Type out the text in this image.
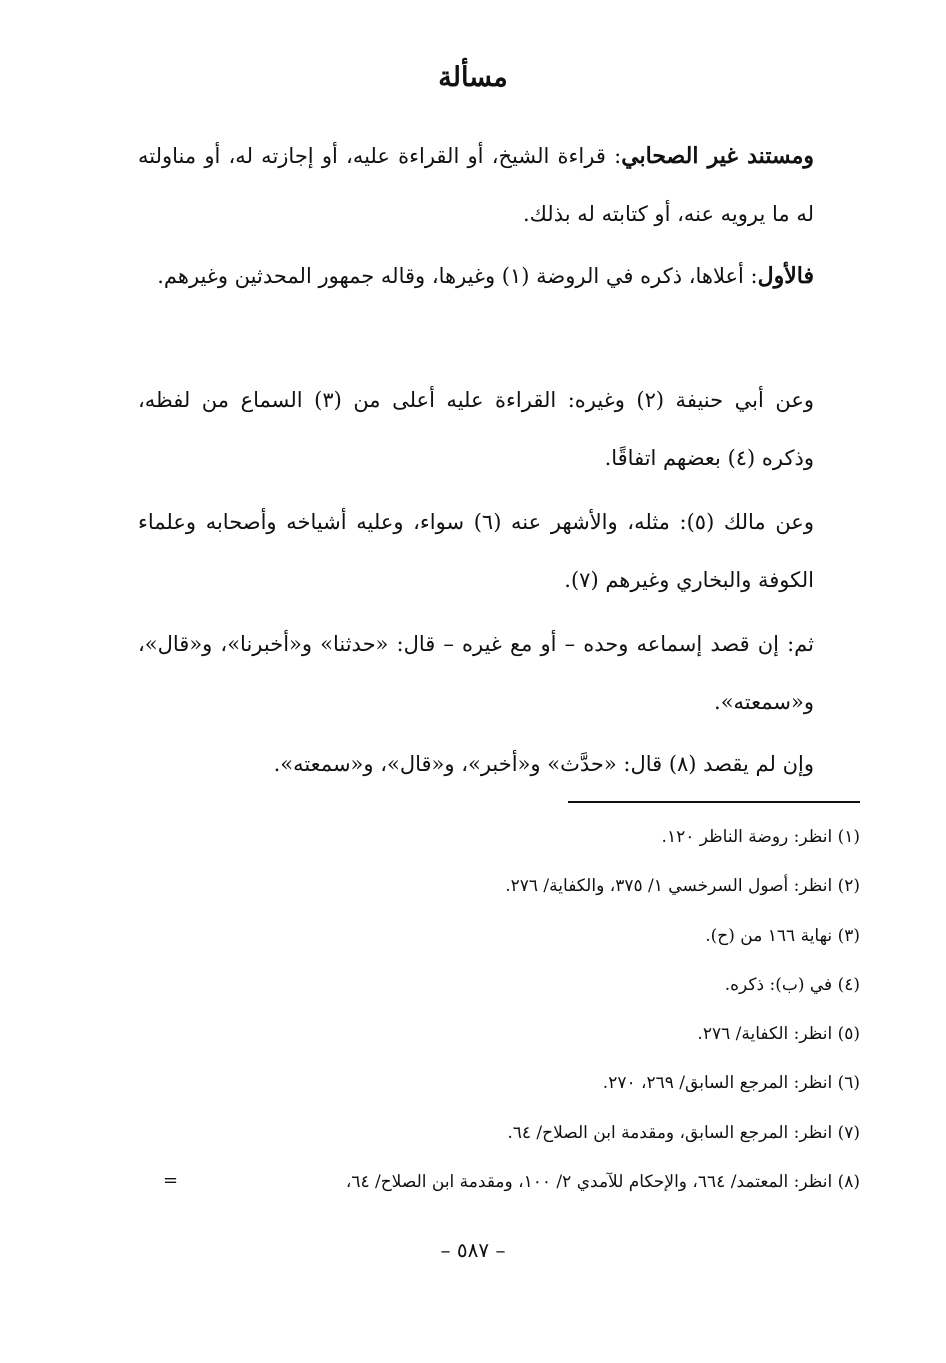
مسألة
ومستند غير الصحابي: قراءة الشيخ، أو القراءة عليه، أو إجازته له، أو مناولته له ما يرويه عنه، أو كتابته له بذلك.
فالأول: أعلاها، ذكره في الروضة (١) وغيرها، وقاله جمهور المحدثين وغيرهم.
وعن أبي حنيفة (٢) وغيره: القراءة عليه أعلى من (٣) السماع من لفظه، وذكره (٤) بعضهم اتفاقًا.
وعن مالك (٥): مثله، والأشهر عنه (٦) سواء، وعليه أشياخه وأصحابه وعلماء الكوفة والبخاري وغيرهم (٧).
ثم: إن قصد إسماعه وحده – أو مع غيره – قال: «حدثنا» و«أخبرنا»، و«قال»، و«سمعته».
وإن لم يقصد (٨) قال: «حدَّث» و«أخبر»، و«قال»، و«سمعته».
(١) انظر: روضة الناظر ١٢٠.
(٢) انظر: أصول السرخسي ١/ ٣٧٥، والكفاية/ ٢٧٦.
(٣) نهاية ١٦٦ من (ح).
(٤) في (ب): ذكره.
(٥) انظر: الكفاية/ ٢٧٦.
(٦) انظر: المرجع السابق/ ٢٦٩، ٢٧٠.
(٧) انظر: المرجع السابق، ومقدمة ابن الصلاح/ ٦٤.
(٨) انظر: المعتمد/ ٦٦٤، والإحكام للآمدي ٢/ ١٠٠، ومقدمة ابن الصلاح/ ٦٤،
=
– ٥٨٧ –
